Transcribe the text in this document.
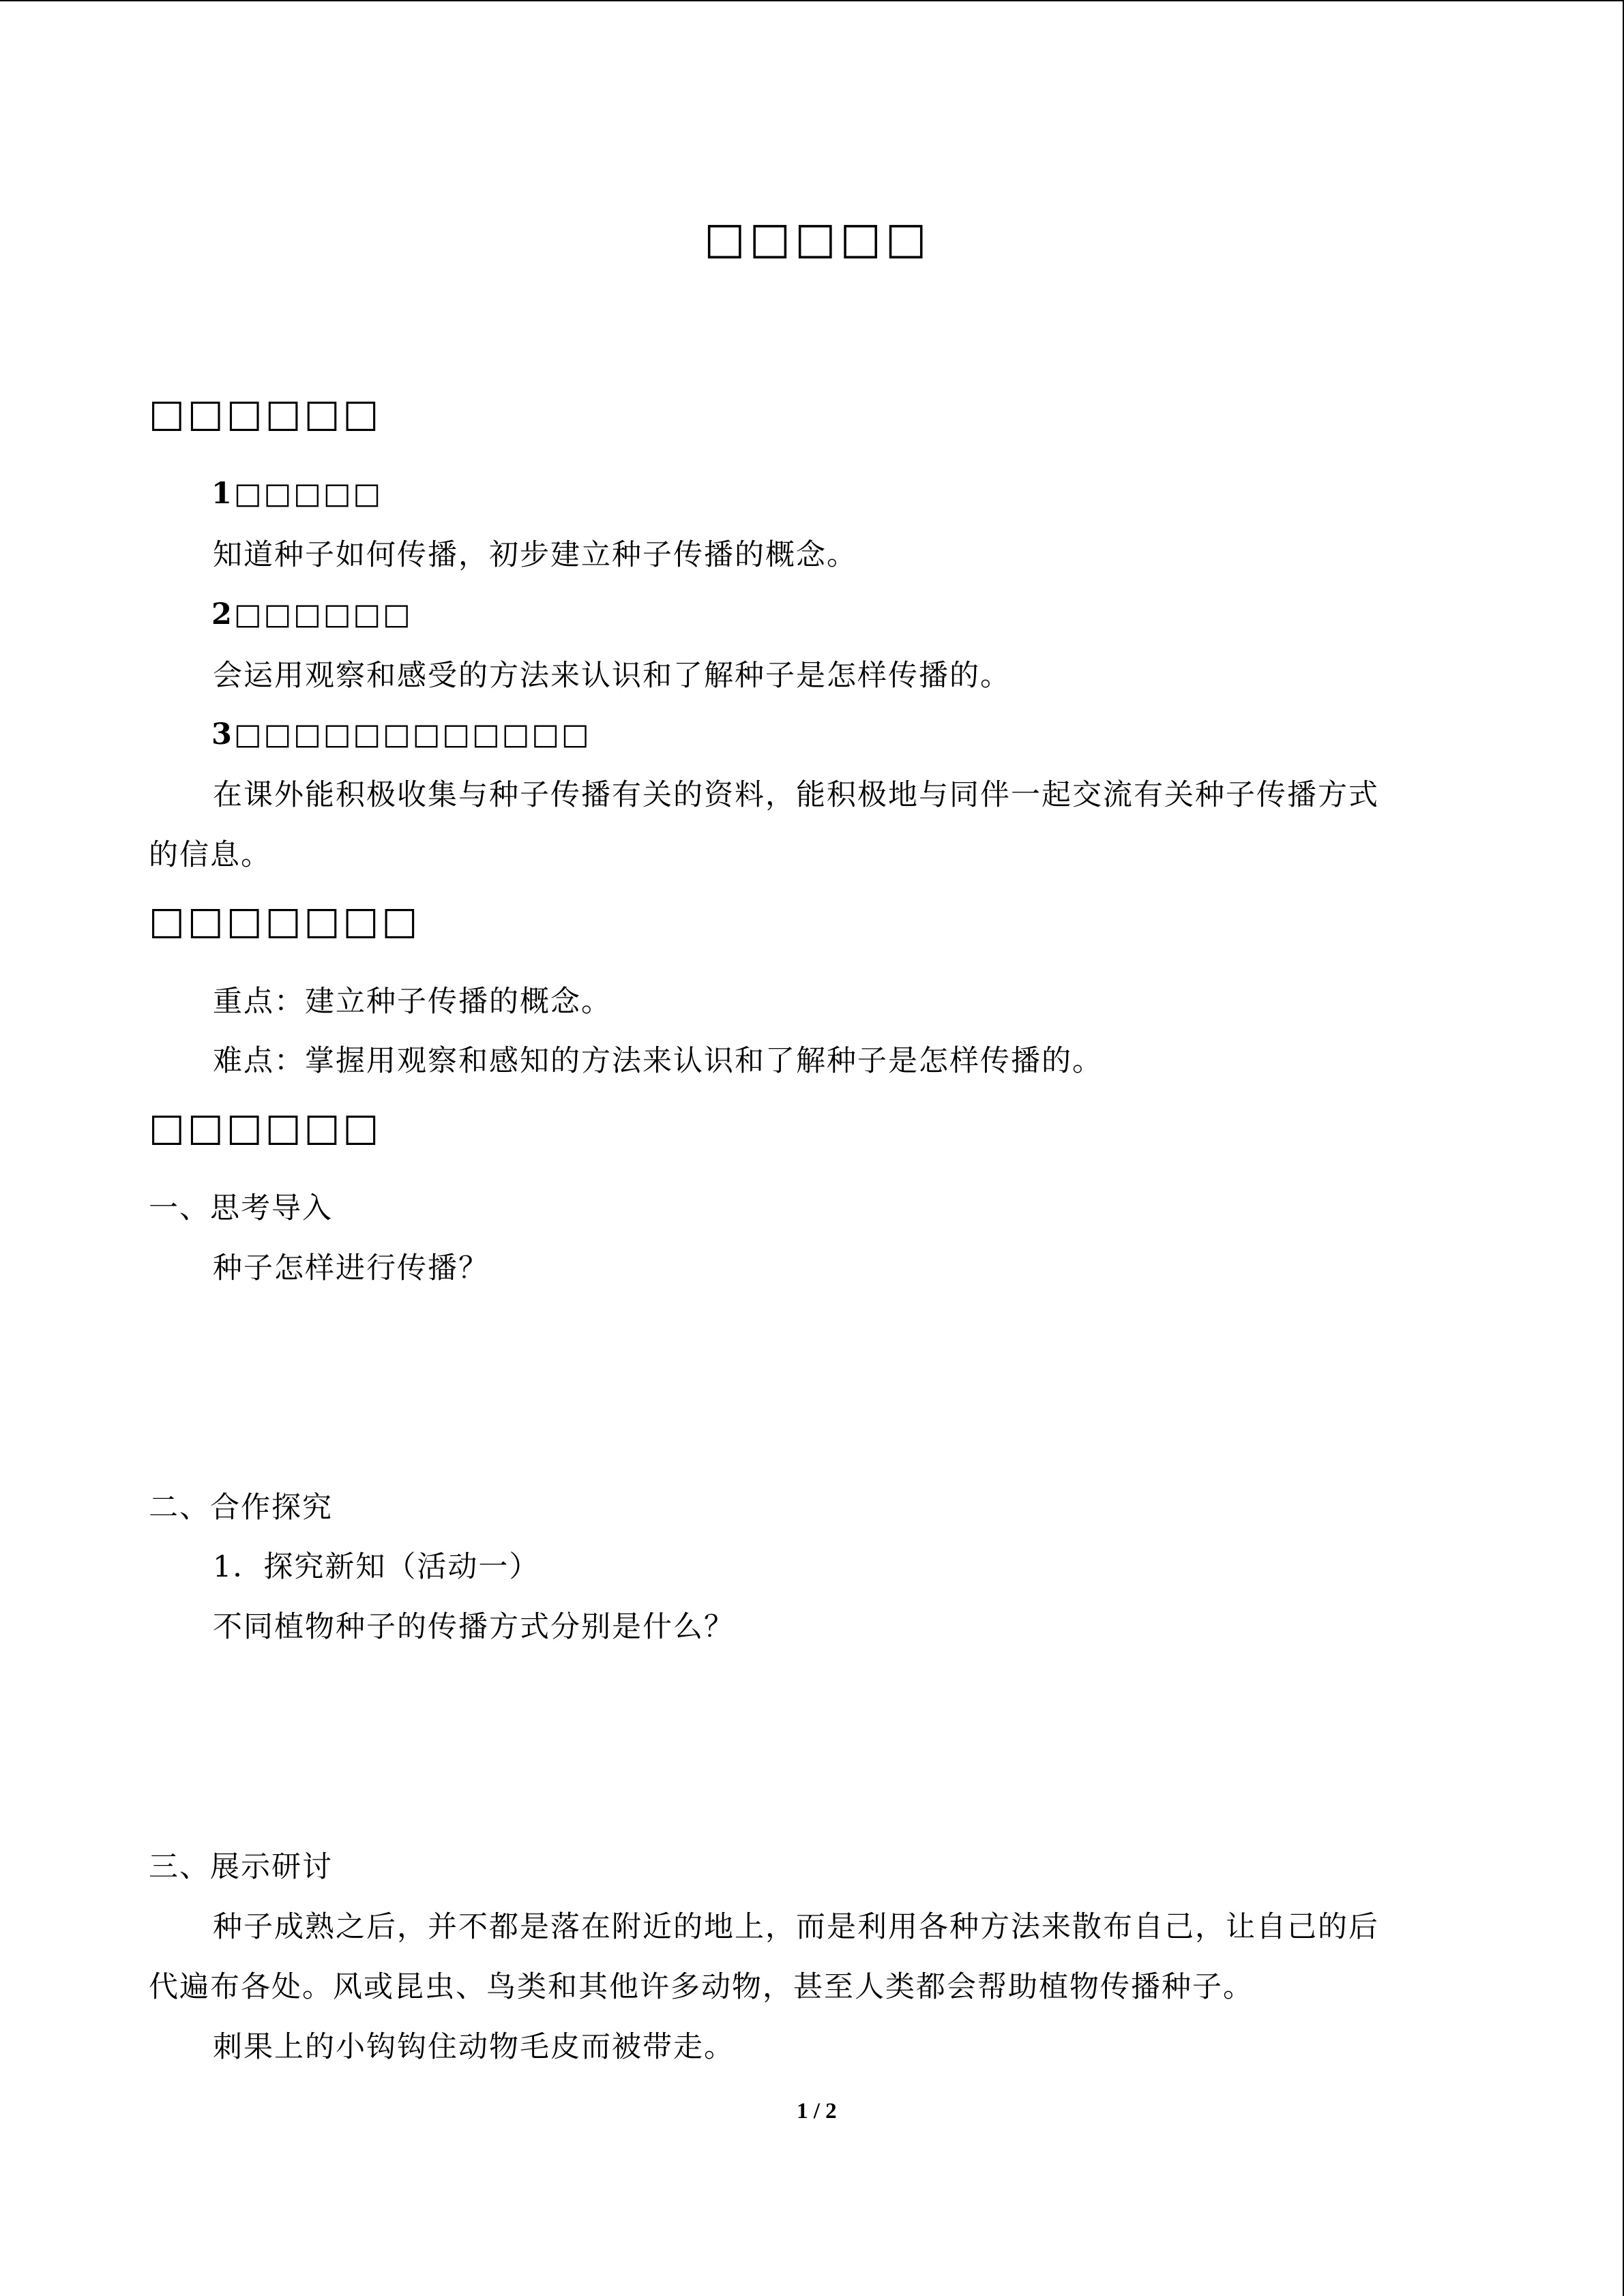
□□□□□
□□□□□□
1□□□□□
知道种子如何传播，初步建立种子传播的概念。
2□□□□□□
会运用观察和感受的方法来认识和了解种子是怎样传播的。
3□□□□□□□□□□□□
在课外能积极收集与种子传播有关的资料，能积极地与同伴一起交流有关种子传播方式
的信息。
□□□□□□□
重点：建立种子传播的概念。
难点：掌握用观察和感知的方法来认识和了解种子是怎样传播的。
□□□□□□
一、思考导入
种子怎样进行传播？
二、合作探究
1．探究新知（活动一）
不同植物种子的传播方式分别是什么？
三、展示研讨
种子成熟之后，并不都是落在附近的地上，而是利用各种方法来散布自己，让自己的后
代遍布各处。风或昆虫、鸟类和其他许多动物，甚至人类都会帮助植物传播种子。
刺果上的小钩钩住动物毛皮而被带走。
1 / 2
